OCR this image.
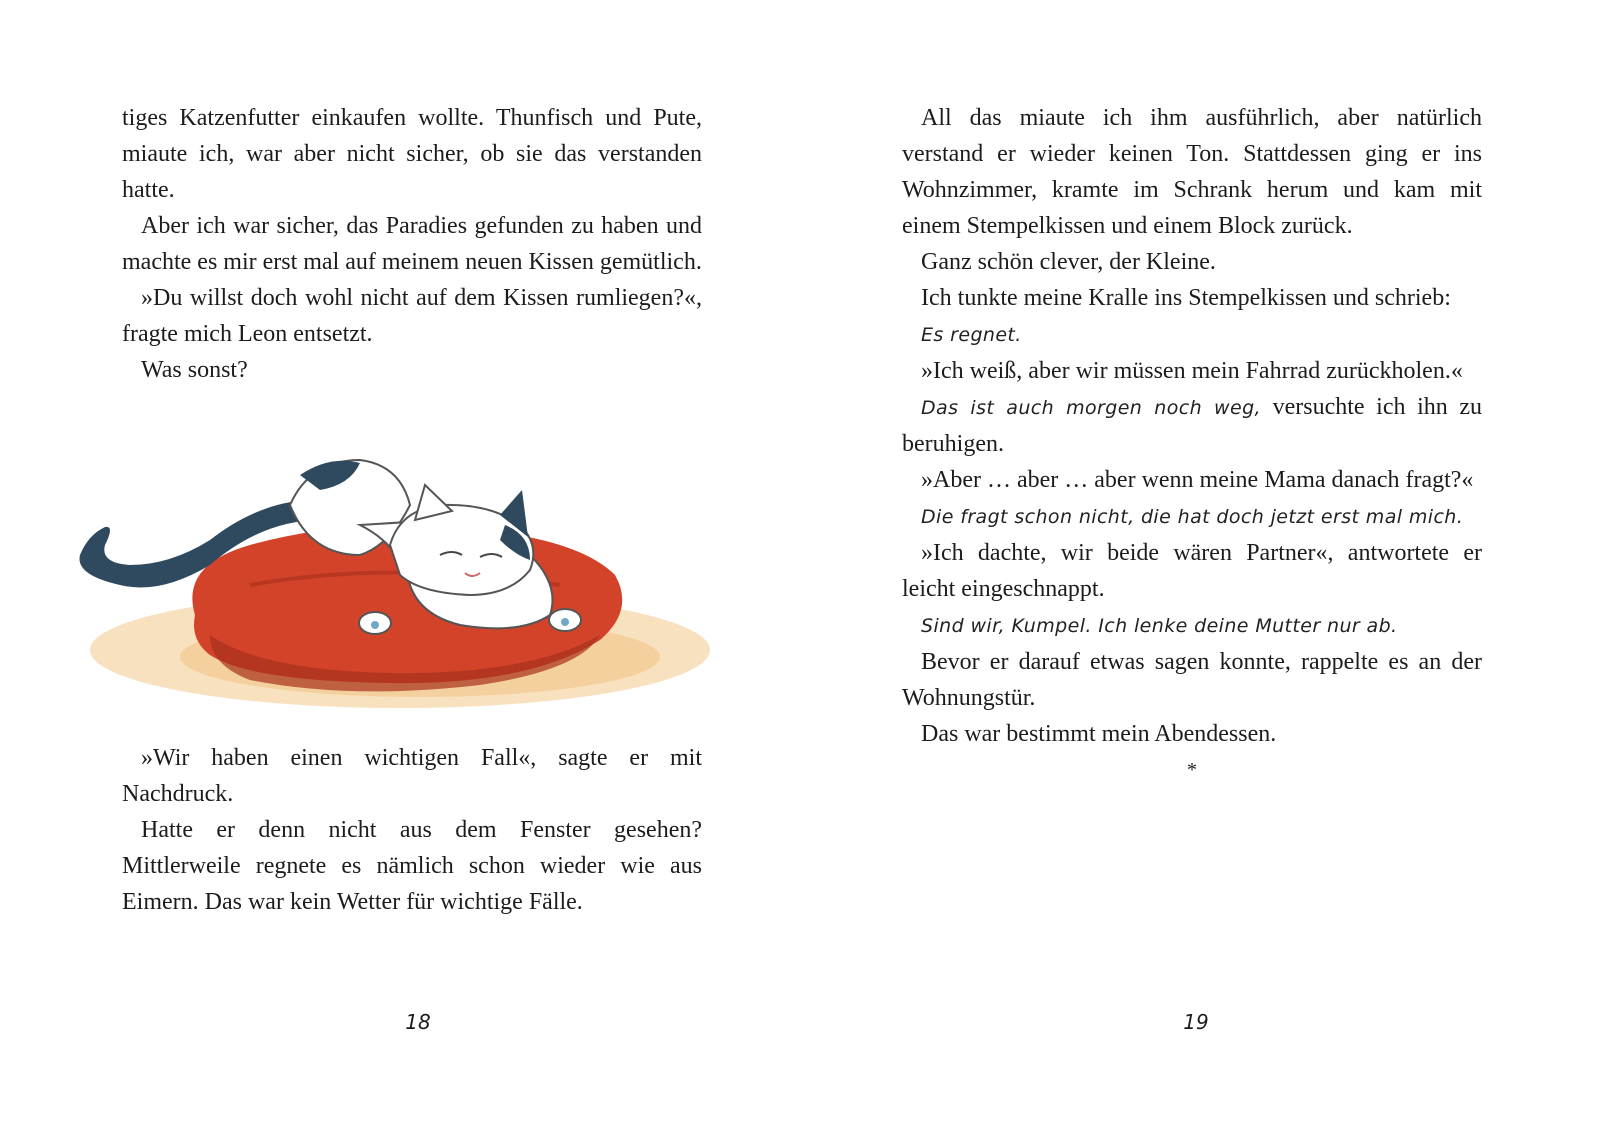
tiges Katzenfutter einkaufen wollte. Thunfisch und Pute, miaute ich, war aber nicht sicher, ob sie das verstanden hatte.

Aber ich war sicher, das Paradies gefunden zu haben und machte es mir erst mal auf meinem neuen Kissen gemütlich.

»Du willst doch wohl nicht auf dem Kissen rumliegen?«, fragte mich Leon entsetzt.

Was sonst?

»Wir haben einen wichtigen Fall«, sagte er mit Nachdruck.

Hatte er denn nicht aus dem Fenster gesehen? Mittlerweile regnete es nämlich schon wieder wie aus Eimern. Das war kein Wetter für wichtige Fälle.

18

All das miaute ich ihm ausführlich, aber natürlich verstand er wieder keinen Ton. Stattdessen ging er ins Wohnzimmer, kramte im Schrank herum und kam mit einem Stempelkissen und einem Block zurück.

Ganz schön clever, der Kleine.

Ich tunkte meine Kralle ins Stempelkissen und schrieb:

Es regnet.

»Ich weiß, aber wir müssen mein Fahrrad zurückholen.«

Das ist auch morgen noch weg, versuchte ich ihn zu beruhigen.

»Aber … aber … aber wenn meine Mama danach fragt?«

Die fragt schon nicht, die hat doch jetzt erst mal mich.

»Ich dachte, wir beide wären Partner«, antwortete er leicht eingeschnappt.

Sind wir, Kumpel. Ich lenke deine Mutter nur ab.

Bevor er darauf etwas sagen konnte, rappelte es an der Wohnungstür.

Das war bestimmt mein Abendessen.

*

19
